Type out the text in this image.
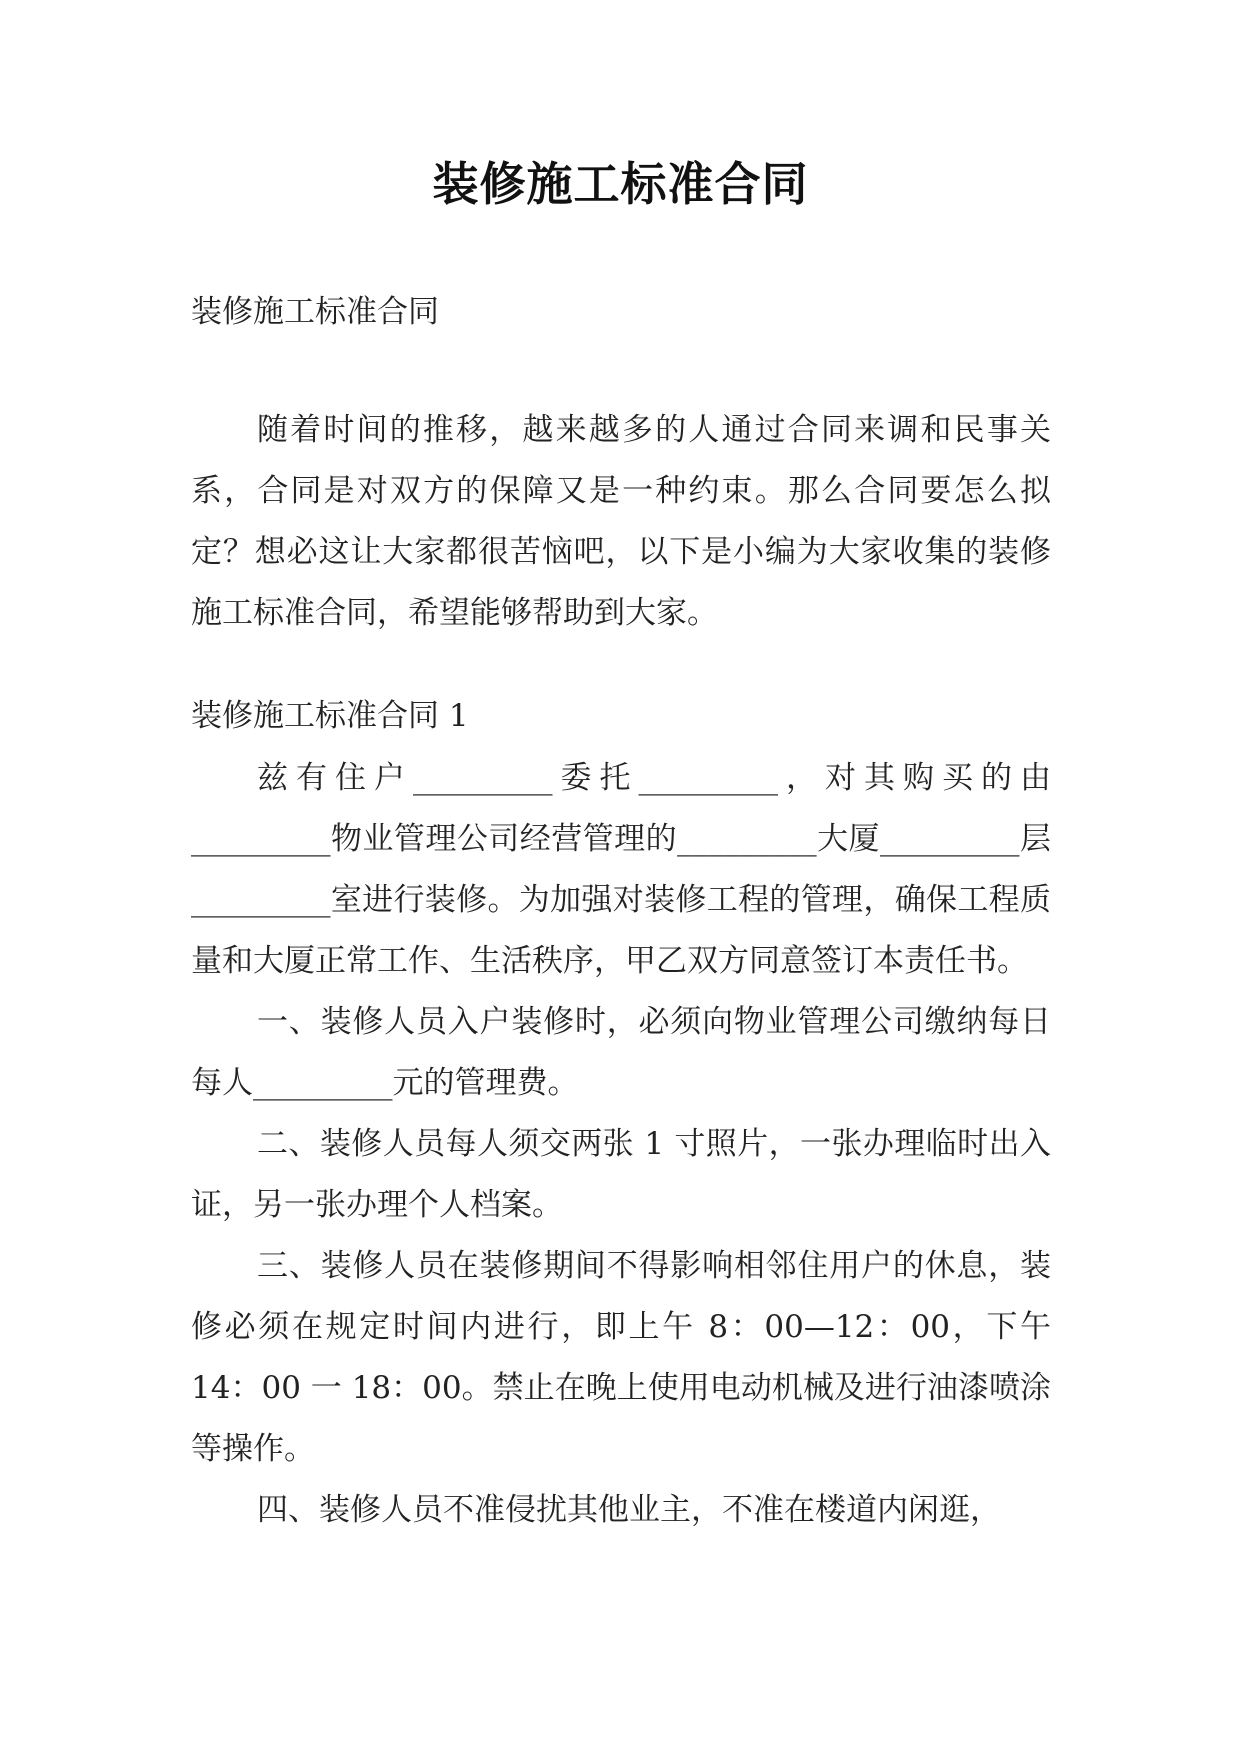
装修施工标准合同
装修施工标准合同
随着时间的推移，越来越多的人通过合同来调和民事关系，合同是对双方的保障又是一种约束。那么合同要怎么拟定？想必这让大家都很苦恼吧，以下是小编为大家收集的装修施工标准合同，希望能够帮助到大家。
装修施工标准合同 1

兹有住户_________委托_________，对其购买的由_________物业管理公司经营管理的_________大厦_________层_________室进行装修。为加强对装修工程的管理，确保工程质量和大厦正常工作、生活秩序，甲乙双方同意签订本责任书。

一、装修人员入户装修时，必须向物业管理公司缴纳每日每人_________元的管理费。

二、装修人员每人须交两张 1 寸照片，一张办理临时出入证，另一张办理个人档案。

三、装修人员在装修期间不得影响相邻住用户的休息，装修必须在规定时间内进行，即上午 8：00—12：00，下午 14：00 一 18：00。禁止在晚上使用电动机械及进行油漆喷涂等操作。

四、装修人员不准侵扰其他业主，不准在楼道内闲逛，
